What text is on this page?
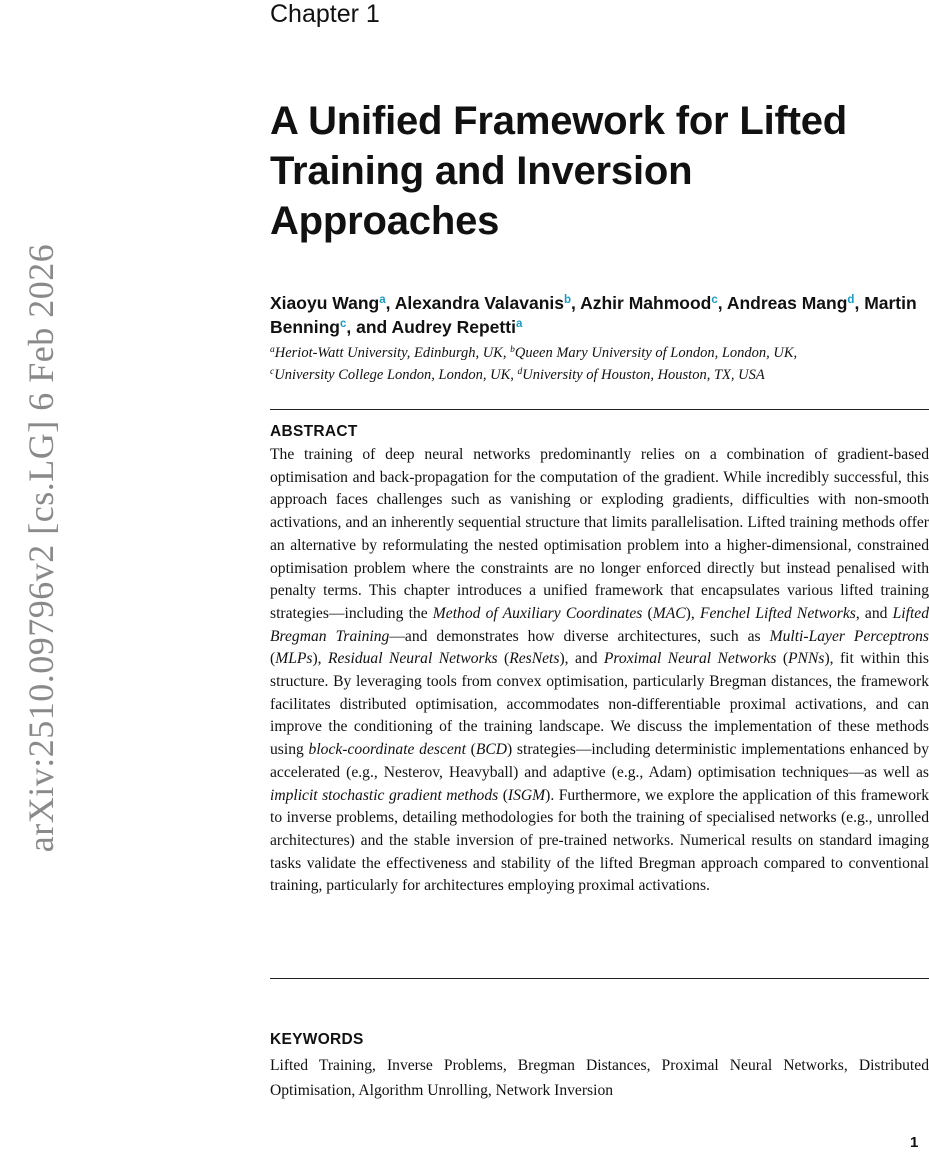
arXiv:2510.09796v2 [cs.LG] 6 Feb 2026
Chapter 1
A Unified Framework for Lifted Training and Inversion Approaches
Xiaoyu Wang$^a$, Alexandra Valavanis$^b$, Azhir Mahmood$^c$, Andreas Mang$^d$, Martin Benning$^c$, and Audrey Repetti$^a$
$^a$Heriot-Watt University, Edinburgh, UK, $^b$Queen Mary University of London, London, UK,
$^c$University College London, London, UK, $^d$University of Houston, Houston, TX, USA
ABSTRACT

The training of deep neural networks predominantly relies on a combination of gradient-based optimisation and back-propagation for the computation of the gradient. While incredibly successful, this approach faces challenges such as vanishing or exploding gradients, difficulties with non-smooth activations, and an inherently sequential structure that limits parallelisation. Lifted training methods offer an alternative by reformulating the nested optimisation problem into a higher-dimensional, constrained optimisation problem where the constraints are no longer enforced directly but instead penalised with penalty terms. This chapter introduces a unified framework that encapsulates various lifted training strategies—including the Method of Auxiliary Coordinates (MAC), Fenchel Lifted Networks, and Lifted Bregman Training—and demonstrates how diverse architectures, such as Multi-Layer Perceptrons (MLPs), Residual Neural Networks (ResNets), and Proximal Neural Networks (PNNs), fit within this structure. By leveraging tools from convex optimisation, particularly Bregman distances, the framework facilitates distributed optimisation, accommodates non-differentiable proximal activations, and can improve the conditioning of the training landscape. We discuss the implementation of these methods using block-coordinate descent (BCD) strategies—including deterministic implementations enhanced by accelerated (e.g., Nesterov, Heavyball) and adaptive (e.g., Adam) optimisation techniques—as well as implicit stochastic gradient methods (ISGM). Furthermore, we explore the application of this framework to inverse problems, detailing methodologies for both the training of specialised networks (e.g., unrolled architectures) and the stable inversion of pre-trained networks. Numerical results on standard imaging tasks validate the effectiveness and stability of the lifted Bregman approach compared to conventional training, particularly for architectures employing proximal activations.

KEYWORDS

Lifted Training, Inverse Problems, Bregman Distances, Proximal Neural Networks, Distributed Optimisation, Algorithm Unrolling, Network Inversion

1
